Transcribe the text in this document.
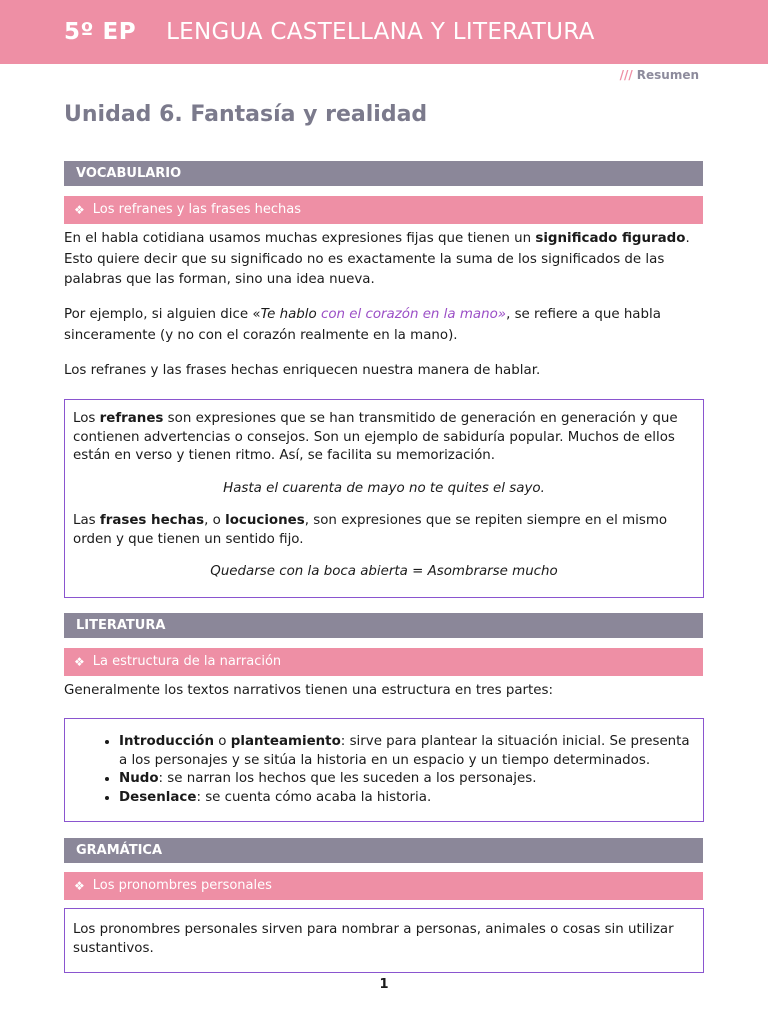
5º EP LENGUA CASTELLANA Y LITERATURA
/// Resumen
Unidad 6. Fantasía y realidad
VOCABULARIO
❖ Los refranes y las frases hechas

En el habla cotidiana usamos muchas expresiones fijas que tienen un significado figurado. Esto quiere decir que su significado no es exactamente la suma de los significados de las palabras que las forman, sino una idea nueva.

Por ejemplo, si alguien dice «Te hablo con el corazón en la mano», se refiere a que habla sinceramente (y no con el corazón realmente en la mano).

Los refranes y las frases hechas enriquecen nuestra manera de hablar.

Los refranes son expresiones que se han transmitido de generación en generación y que contienen advertencias o consejos. Son un ejemplo de sabiduría popular. Muchos de ellos están en verso y tienen ritmo. Así, se facilita su memorización.

Hasta el cuarenta de mayo no te quites el sayo.

Las frases hechas, o locuciones, son expresiones que se repiten siempre en el mismo orden y que tienen un sentido fijo.

Quedarse con la boca abierta = Asombrarse mucho

LITERATURA
❖ La estructura de la narración

Generalmente los textos narrativos tienen una estructura en tres partes:

• Introducción o planteamiento: sirve para plantear la situación inicial. Se presenta a los personajes y se sitúa la historia en un espacio y un tiempo determinados.
• Nudo: se narran los hechos que les suceden a los personajes.
• Desenlace: se cuenta cómo acaba la historia.
GRAMÁTICA
❖ Los pronombres personales

Los pronombres personales sirven para nombrar a personas, animales o cosas sin utilizar sustantivos.

1
